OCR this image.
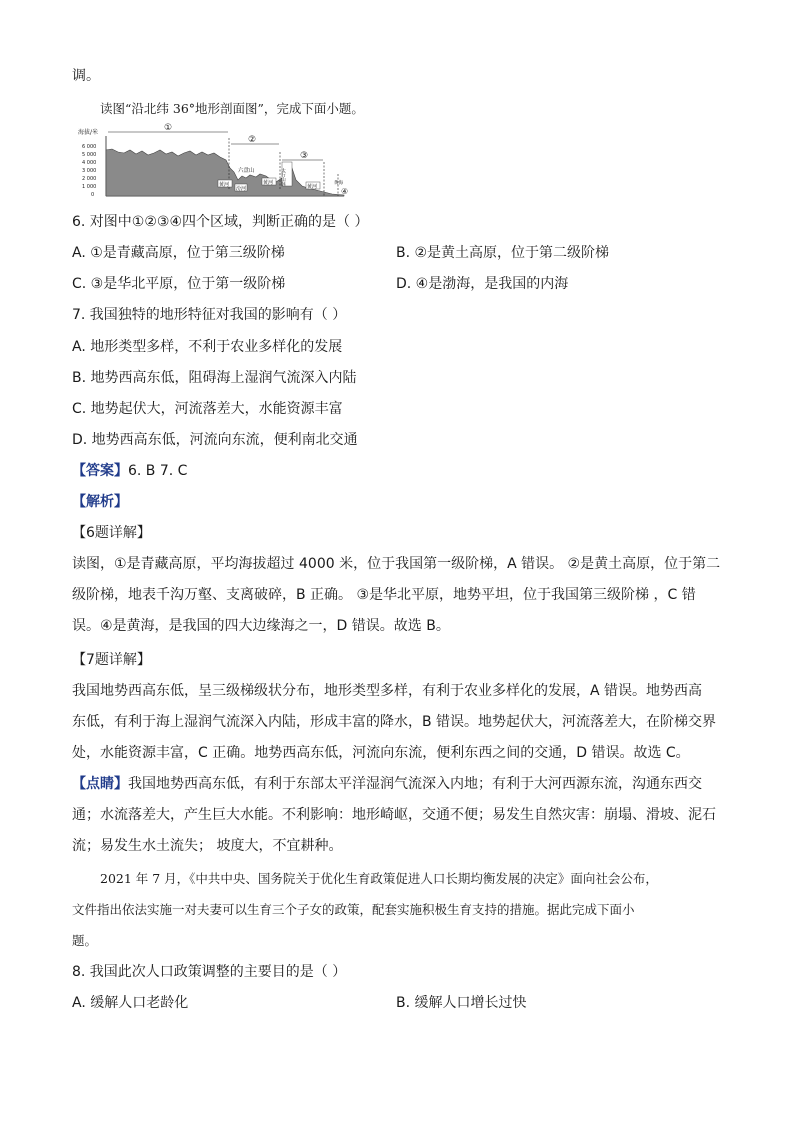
调。
读图“沿北纬 36°地形剖面图”，完成下面小题。
海拔/米
6 000
5 000
4 000
3 000
2 000
1 000
0
①
②
③
④
黄河
汾河
六盘山
黄河 太行山脉
黄河
黄海
6. 对图中①②③④四个区域，判断正确的是（ ）
A. ①是青藏高原，位于第三级阶梯	B. ②是黄土高原，位于第二级阶梯
C. ③是华北平原，位于第一级阶梯	D. ④是渤海，是我国的内海
7. 我国独特的地形特征对我国的影响有（ ）
A. 地形类型多样，不利于农业多样化的发展
B. 地势西高东低，阻碍海上湿润气流深入内陆
C. 地势起伏大，河流落差大，水能资源丰富
D. 地势西高东低，河流向东流，便利南北交通
【答案】6. B 7. C
【解析】
【6题详解】
读图，①是青藏高原，平均海拔超过 4000 米，位于我国第一级阶梯，A 错误。 ②是黄土高原，位于第二
级阶梯，地表千沟万壑、支离破碎，B 正确。 ③是华北平原，地势平坦，位于我国第三级阶梯 ，C 错
误。④是黄海，是我国的四大边缘海之一，D 错误。故选 B。
【7题详解】
我国地势西高东低，呈三级梯级状分布，地形类型多样，有利于农业多样化的发展，A 错误。地势西高
东低，有利于海上湿润气流深入内陆，形成丰富的降水，B 错误。地势起伏大，河流落差大，在阶梯交界
处，水能资源丰富，C 正确。地势西高东低，河流向东流，便利东西之间的交通，D 错误。故选 C。
【点睛】我国地势西高东低，有利于东部太平洋湿润气流深入内地；有利于大河西源东流，沟通东西交
通；水流落差大，产生巨大水能。不利影响：地形崎岖，交通不便；易发生自然灾害：崩塌、滑坡、泥石
流；易发生水土流失； 坡度大，不宜耕种。
2021 年 7 月，《中共中央、国务院关于优化生育政策促进人口长期均衡发展的决定》面向社会公布，
文件指出依法实施一对夫妻可以生育三个子女的政策，配套实施积极生育支持的措施。据此完成下面小
题。
8. 我国此次人口政策调整的主要目的是（ ）
A. 缓解人口老龄化	B. 缓解人口增长过快
